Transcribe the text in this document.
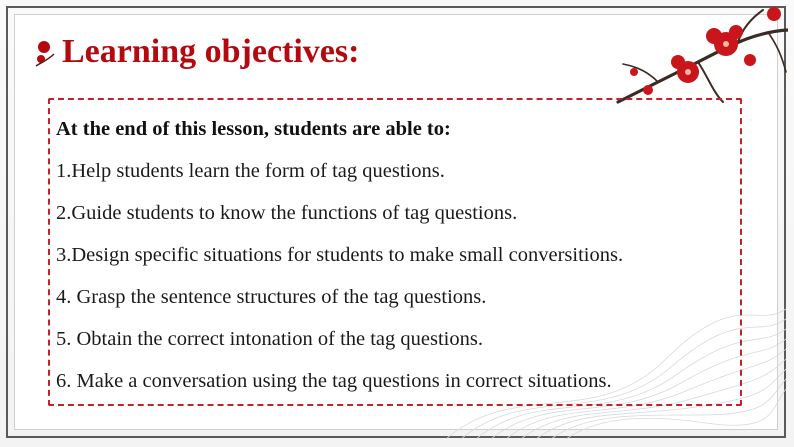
Learning objectives:
At the end of this lesson, students are able to:
1.Help students learn the form of tag questions.
2.Guide students to know the functions of tag questions.
3.Design specific situations for students to make small conversitions.
4. Grasp the sentence structures of the tag questions.
5. Obtain the correct intonation of the tag questions.
6. Make a conversation using the tag questions in correct situations.
